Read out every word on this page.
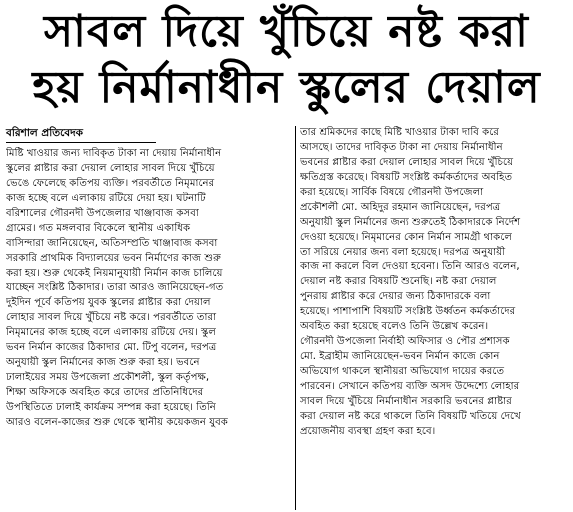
সাবল দিয়ে খুঁচিয়ে নষ্ট করা
হয় নির্মানাধীন স্কুলের দেয়াল
বরিশাল প্রতিবেদক
মিষ্টি খাওয়ার জন্য দাবিকৃত টাকা না দেয়ায় নির্মানাধীন
স্কুলের প্লাষ্টার করা দেয়াল লোহার সাবল দিয়ে খুঁচিয়ে
ভেঙে ফেলেছে কতিপয় ব্যক্তি। পরবর্তীতে নিমৃমানের
কাজ হচ্ছে বলে এলাকায় রটিয়ে দেয়া হয়। ঘটনাটি
বরিশালের গৌরনদী উপজেলার খাঞ্জাবাজ কসবা
গ্রামের। গত মঙ্গলবার বিকেলে স্থানীয় একাধিক
বাসিন্দারা জানিয়েছেন, অতিসম্প্রতি খাঞ্জাবাজ কসবা
সরকারি প্রাথমিক বিদ্যালয়ের ভবন নির্মাণের কাজ শুরু
করা হয়। শুরু থেকেই নিয়মানুযায়ী নির্মান কাজ চালিয়ে
যাচ্ছেন সংশ্লিষ্ট ঠিকাদার। তারা আরও জানিয়েছেন-গত
দুইদিন পূর্বে কতিপয় যুবক স্কুলের প্লাষ্টার করা দেয়াল
লোহার সাবল দিয়ে খুঁচিয়ে নষ্ট করে। পরবর্তীতে তারা
নিমৃমানের কাজ হচ্ছে বলে এলাকায় রটিয়ে দেয়। স্কুল
ভবন নির্মান কাজের ঠিকাদার মো. টিপু বলেন, দরপত্র
অনুযায়ী স্কুল নির্মানের কাজ শুরু করা হয়। ভবনে
ঢালাইয়ের সময় উপজেলা প্রকৌশলী, স্কুল কর্তৃপক্ষ,
শিক্ষা অফিসকে অবহিত করে তাদের প্রতিনিধিদের
উপস্থিতিতে ঢালাই কার্যক্রম সম্পন্ন করা হয়েছে। তিনি
আরও বলেন-কাজের শুরু থেকে স্থানীয় কয়েকজন যুবক
তার শ্রমিকদের কাছে মিষ্টি খাওয়ার টাকা দাবি করে
আসছে। তাদের দাবিকৃত টাকা না দেয়ায় নির্মানাধীন
ভবনের প্লাষ্টার করা দেয়াল লোহার সাবল দিয়ে খুঁচিয়ে
ক্ষতিগ্রস্ত করেছে। বিষয়টি সংশ্লিষ্ট কর্মকর্তাদের অবহিত
করা হয়েছে। সার্বিক বিষয়ে গৌরনদী উপজেলা
প্রকৌশলী মো. অহিদুর রহমান জানিয়েছেন, দরপত্র
অনুযায়ী স্কুল নির্মানের জন্য শুরুতেই ঠিকাদারকে নির্দেশ
দেওয়া হয়েছে। নিমৃমানের কোন নির্মান সামগ্রী থাকলে
তা সরিয়ে নেয়ার জন্য বলা হয়েছে। দরপত্র অনুযায়ী
কাজ না করলে বিল দেওয়া হবেনা। তিনি আরও বলেন,
দেয়াল নষ্ট করার বিষয়টি শুনেছি। নষ্ট করা দেয়াল
পুনরায় প্লাষ্টার করে দেয়ার জন্য ঠিকাদারকে বলা
হয়েছে। পাশাপাশি বিষয়টি সংশ্লিষ্ট উর্ধ্বতন কর্মকর্তাদের
অবহিত করা হয়েছে বলেও তিনি উল্লেখ করেন।
গৌরনদী উপজেলা নির্বাহী অফিসার ও পৌর প্রশাসক
মো. ইব্রাহীম জানিয়েছেন-ভবন নির্মান কাজে কোন
অভিযোগ থাকলে স্থানীয়রা অভিযোগ দায়ের করতে
পারবেন। সেখানে কতিপয় ব্যক্তি অসদ উদ্দেশ্যে লোহার
সাবল দিয়ে খুঁচিয়ে নির্মানাধীন সরকারি ভবনের প্লাষ্টার
করা দেয়াল নষ্ট করে থাকলে তিনি বিষয়টি খতিয়ে দেখে
প্রয়োজনীয় ব্যবস্থা গ্রহণ করা হবে।
